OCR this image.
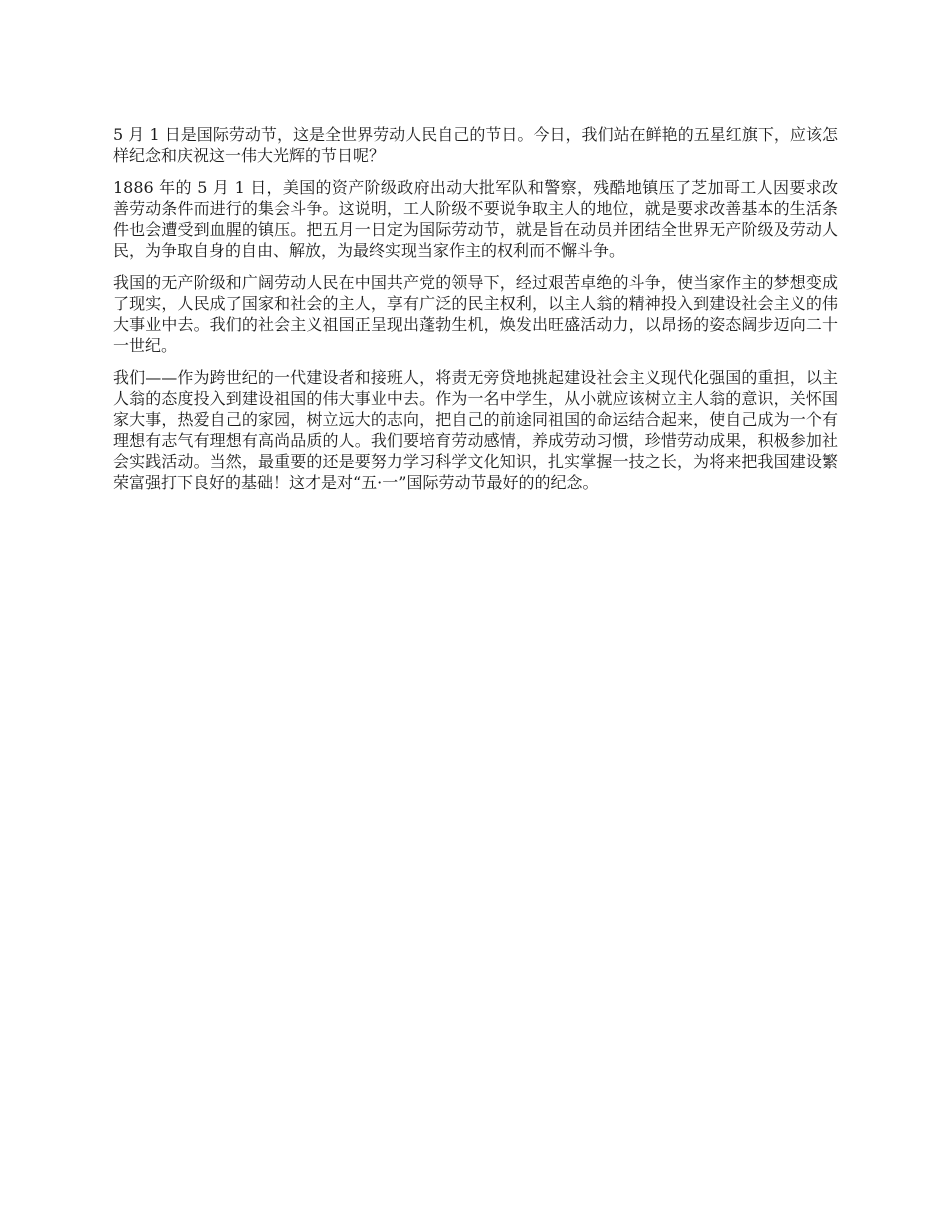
5 月 1 日是国际劳动节，这是全世界劳动人民自己的节日。今日，我们站在鲜艳的五星红旗下，应该怎样纪念和庆祝这一伟大光辉的节日呢？

1886 年的 5 月 1 日，美国的资产阶级政府出动大批军队和警察，残酷地镇压了芝加哥工人因要求改善劳动条件而进行的集会斗争。这说明，工人阶级不要说争取主人的地位，就是要求改善基本的生活条件也会遭受到血腥的镇压。把五月一日定为国际劳动节，就是旨在动员并团结全世界无产阶级及劳动人民，为争取自身的自由、解放，为最终实现当家作主的权利而不懈斗争。

我国的无产阶级和广阔劳动人民在中国共产党的领导下，经过艰苦卓绝的斗争，使当家作主的梦想变成了现实，人民成了国家和社会的主人，享有广泛的民主权利，以主人翁的精神投入到建设社会主义的伟大事业中去。我们的社会主义祖国正呈现出蓬勃生机，焕发出旺盛活动力，以昂扬的姿态阔步迈向二十一世纪。

我们——作为跨世纪的一代建设者和接班人，将责无旁贷地挑起建设社会主义现代化强国的重担，以主人翁的态度投入到建设祖国的伟大事业中去。作为一名中学生，从小就应该树立主人翁的意识，关怀国家大事，热爱自己的家园，树立远大的志向，把自己的前途同祖国的命运结合起来，使自己成为一个有理想有志气有理想有高尚品质的人。我们要培育劳动感情，养成劳动习惯，珍惜劳动成果，积极参加社会实践活动。当然，最重要的还是要努力学习科学文化知识，扎实掌握一技之长，为将来把我国建设繁荣富强打下良好的基础！这才是对“五·一”国际劳动节最好的的纪念。
